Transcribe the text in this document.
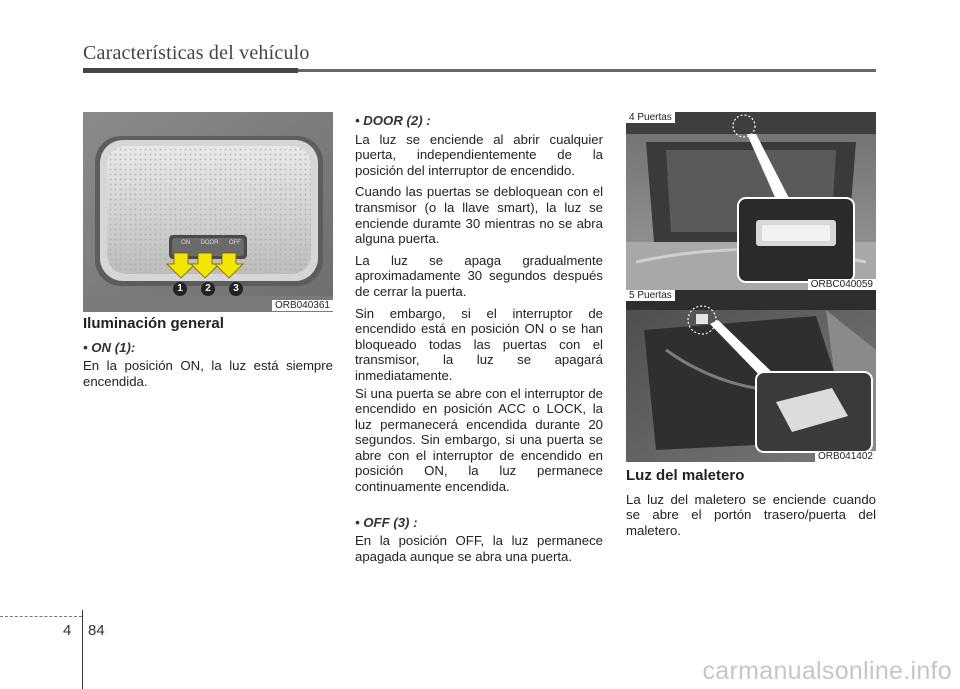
Características del vehículo
ON DOOR OFF
1	2	3
ORB040361
Iluminación general
• ON (1):

En la posición ON, la luz está siempre encendida.

• DOOR (2) :

La luz se enciende al abrir cualquier puerta, independientemente de la posición del interruptor de encendido.

Cuando las puertas se debloquean con el transmisor (o la llave smart), la luz se enciende duramte 30 mientras no se abra alguna puerta.

La luz se apaga gradualmente aproximadamente 30 segundos después de cerrar la puerta.

Sin embargo, si el interruptor de encendido está en posición ON o se han bloqueado todas las puertas con el transmisor, la luz se apagará inmediatamente.

Si una puerta se abre con el interruptor de encendido en posición ACC o LOCK, la luz permanecerá encendida durante 20 segundos. Sin embargo, si una puerta se abre con el interruptor de encendido en posición ON, la luz permanece continuamente encendida.

• OFF (3) :

En la posición OFF, la luz permanece apagada aunque se abra una puerta.

4 Puertas
ORBC040059
5 Puertas
ORB041402
Luz del maletero

La luz del maletero se enciende cuando se abre el portón trasero/puerta del maletero.

4 84
carmanualsonline.info
